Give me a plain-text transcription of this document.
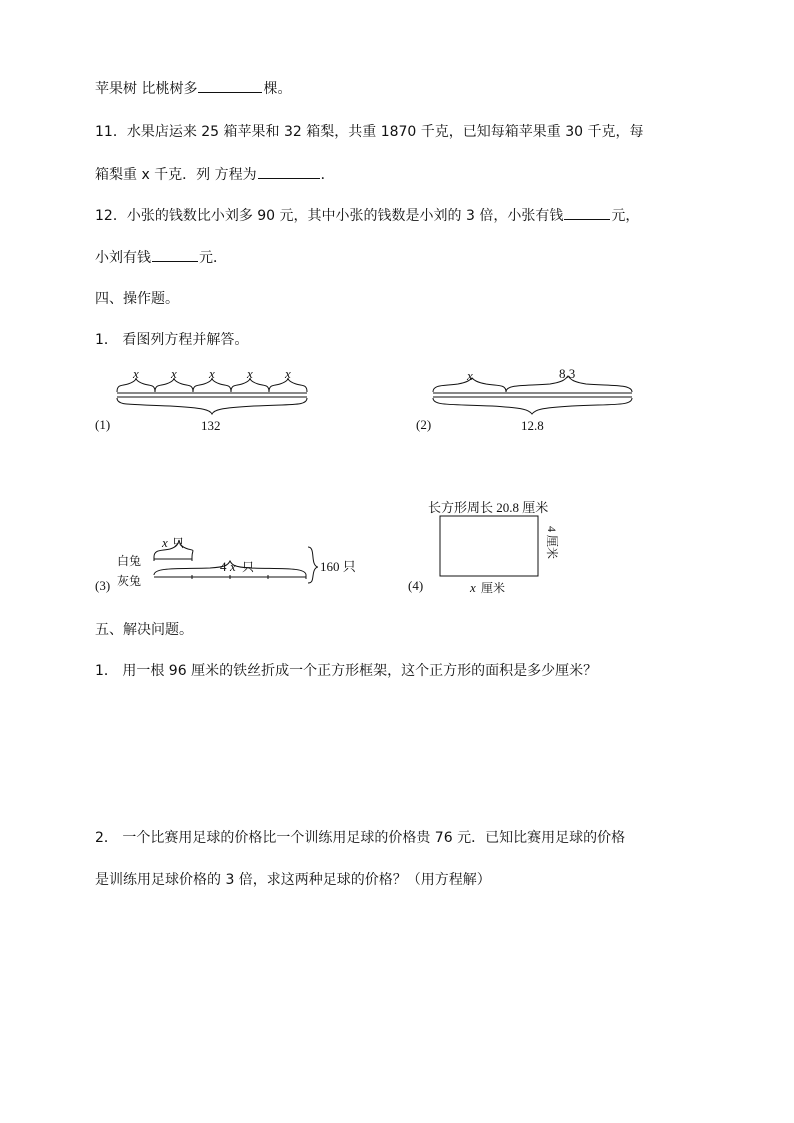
苹果树 比桃树多	棵。
11．水果店运来 25 箱苹果和 32 箱梨，共重 1870 千克，已知每箱苹果重 30 千克，每
箱梨重 x 千克．列 方程为	．
12．小张的钱数比小刘多 90 元，其中小张的钱数是小刘的 3 倍，小张有钱	元，
小刘有钱	元．
四、操作题。
1． 看图列方程并解答。
x x x x x
132
(1)
x	8.3
12.8
(2)
x 只
4 x 只	160 只
白兔
灰兔
(3)
长方形周长 20.8 厘米
x 厘米
4 厘米
(4)
五、解决问题。
1． 用一根 96 厘米的铁丝折成一个正方形框架，这个正方形的面积是多少厘米？
2． 一个比赛用足球的价格比一个训练用足球的价格贵 76 元．已知比赛用足球的价格
是训练用足球价格的 3 倍，求这两种足球的价格？（用方程解）
